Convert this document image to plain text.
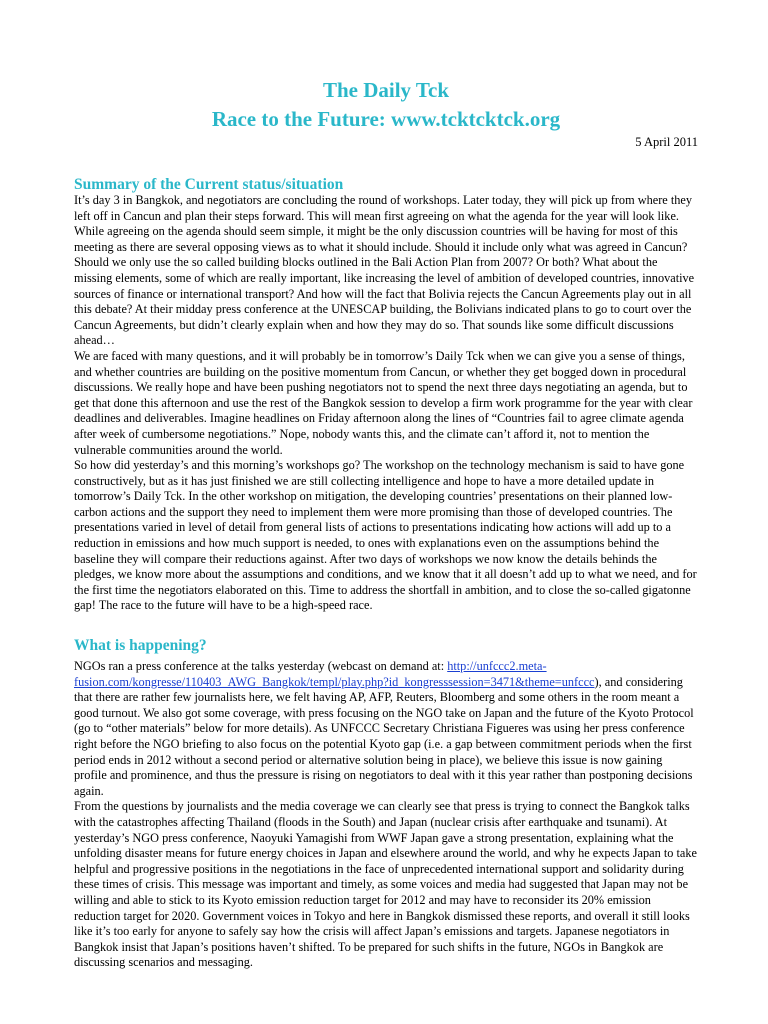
The Daily Tck
Race to the Future: www.tcktcktck.org
5 April 2011
Summary of the Current status/situation

It’s day 3 in Bangkok, and negotiators are concluding the round of workshops. Later today, they will pick up from where they left off in Cancun and plan their steps forward. This will mean first agreeing on what the agenda for the year will look like. While agreeing on the agenda should seem simple, it might be the only discussion countries will be having for most of this meeting as there are several opposing views as to what it should include. Should it include only what was agreed in Cancun? Should we only use the so called building blocks outlined in the Bali Action Plan from 2007? Or both? What about the missing elements, some of which are really important, like increasing the level of ambition of developed countries, innovative sources of finance or international transport? And how will the fact that Bolivia rejects the Cancun Agreements play out in all this debate? At their midday press conference at the UNESCAP building, the Bolivians indicated plans to go to court over the Cancun Agreements, but didn’t clearly explain when and how they may do so. That sounds like some difficult discussions ahead…

We are faced with many questions, and it will probably be in tomorrow’s Daily Tck when we can give you a sense of things, and whether countries are building on the positive momentum from Cancun, or whether they get bogged down in procedural discussions. We really hope and have been pushing negotiators not to spend the next three days negotiating an agenda, but to get that done this afternoon and use the rest of the Bangkok session to develop a firm work programme for the year with clear deadlines and deliverables. Imagine headlines on Friday afternoon along the lines of “Countries fail to agree climate agenda after week of cumbersome negotiations.” Nope, nobody wants this, and the climate can’t afford it, not to mention the vulnerable communities around the world.

So how did yesterday’s and this morning’s workshops go? The workshop on the technology mechanism is said to have gone constructively, but as it has just finished we are still collecting intelligence and hope to have a more detailed update in tomorrow’s Daily Tck. In the other workshop on mitigation, the developing countries’ presentations on their planned low-carbon actions and the support they need to implement them were more promising than those of developed countries. The presentations varied in level of detail from general lists of actions to presentations indicating how actions will add up to a reduction in emissions and how much support is needed, to ones with explanations even on the assumptions behind the baseline they will compare their reductions against. After two days of workshops we now know the details behinds the pledges, we know more about the assumptions and conditions, and we know that it all doesn’t add up to what we need, and for the first time the negotiators elaborated on this. Time to address the shortfall in ambition, and to close the so-called gigatonne gap! The race to the future will have to be a high-speed race.

What is happening?

NGOs ran a press conference at the talks yesterday (webcast on demand at: http://unfccc2.meta-fusion.com/kongresse/110403_AWG_Bangkok/templ/play.php?id_kongresssession=3471&theme=unfccc), and considering that there are rather few journalists here, we felt having AP, AFP, Reuters, Bloomberg and some others in the room meant a good turnout. We also got some coverage, with press focusing on the NGO take on Japan and the future of the Kyoto Protocol (go to “other materials” below for more details). As UNFCCC Secretary Christiana Figueres was using her press conference right before the NGO briefing to also focus on the potential Kyoto gap (i.e. a gap between commitment periods when the first period ends in 2012 without a second period or alternative solution being in place), we believe this issue is now gaining profile and prominence, and thus the pressure is rising on negotiators to deal with it this year rather than postponing decisions again.

From the questions by journalists and the media coverage we can clearly see that press is trying to connect the Bangkok talks with the catastrophes affecting Thailand (floods in the South) and Japan (nuclear crisis after earthquake and tsunami). At yesterday’s NGO press conference, Naoyuki Yamagishi from WWF Japan gave a strong presentation, explaining what the unfolding disaster means for future energy choices in Japan and elsewhere around the world, and why he expects Japan to take helpful and progressive positions in the negotiations in the face of unprecedented international support and solidarity during these times of crisis. This message was important and timely, as some voices and media had suggested that Japan may not be willing and able to stick to its Kyoto emission reduction target for 2012 and may have to reconsider its 20% emission reduction target for 2020. Government voices in Tokyo and here in Bangkok dismissed these reports, and overall it still looks like it’s too early for anyone to safely say how the crisis will affect Japan’s emissions and targets. Japanese negotiators in Bangkok insist that Japan’s positions haven’t shifted. To be prepared for such shifts in the future, NGOs in Bangkok are discussing scenarios and messaging.
